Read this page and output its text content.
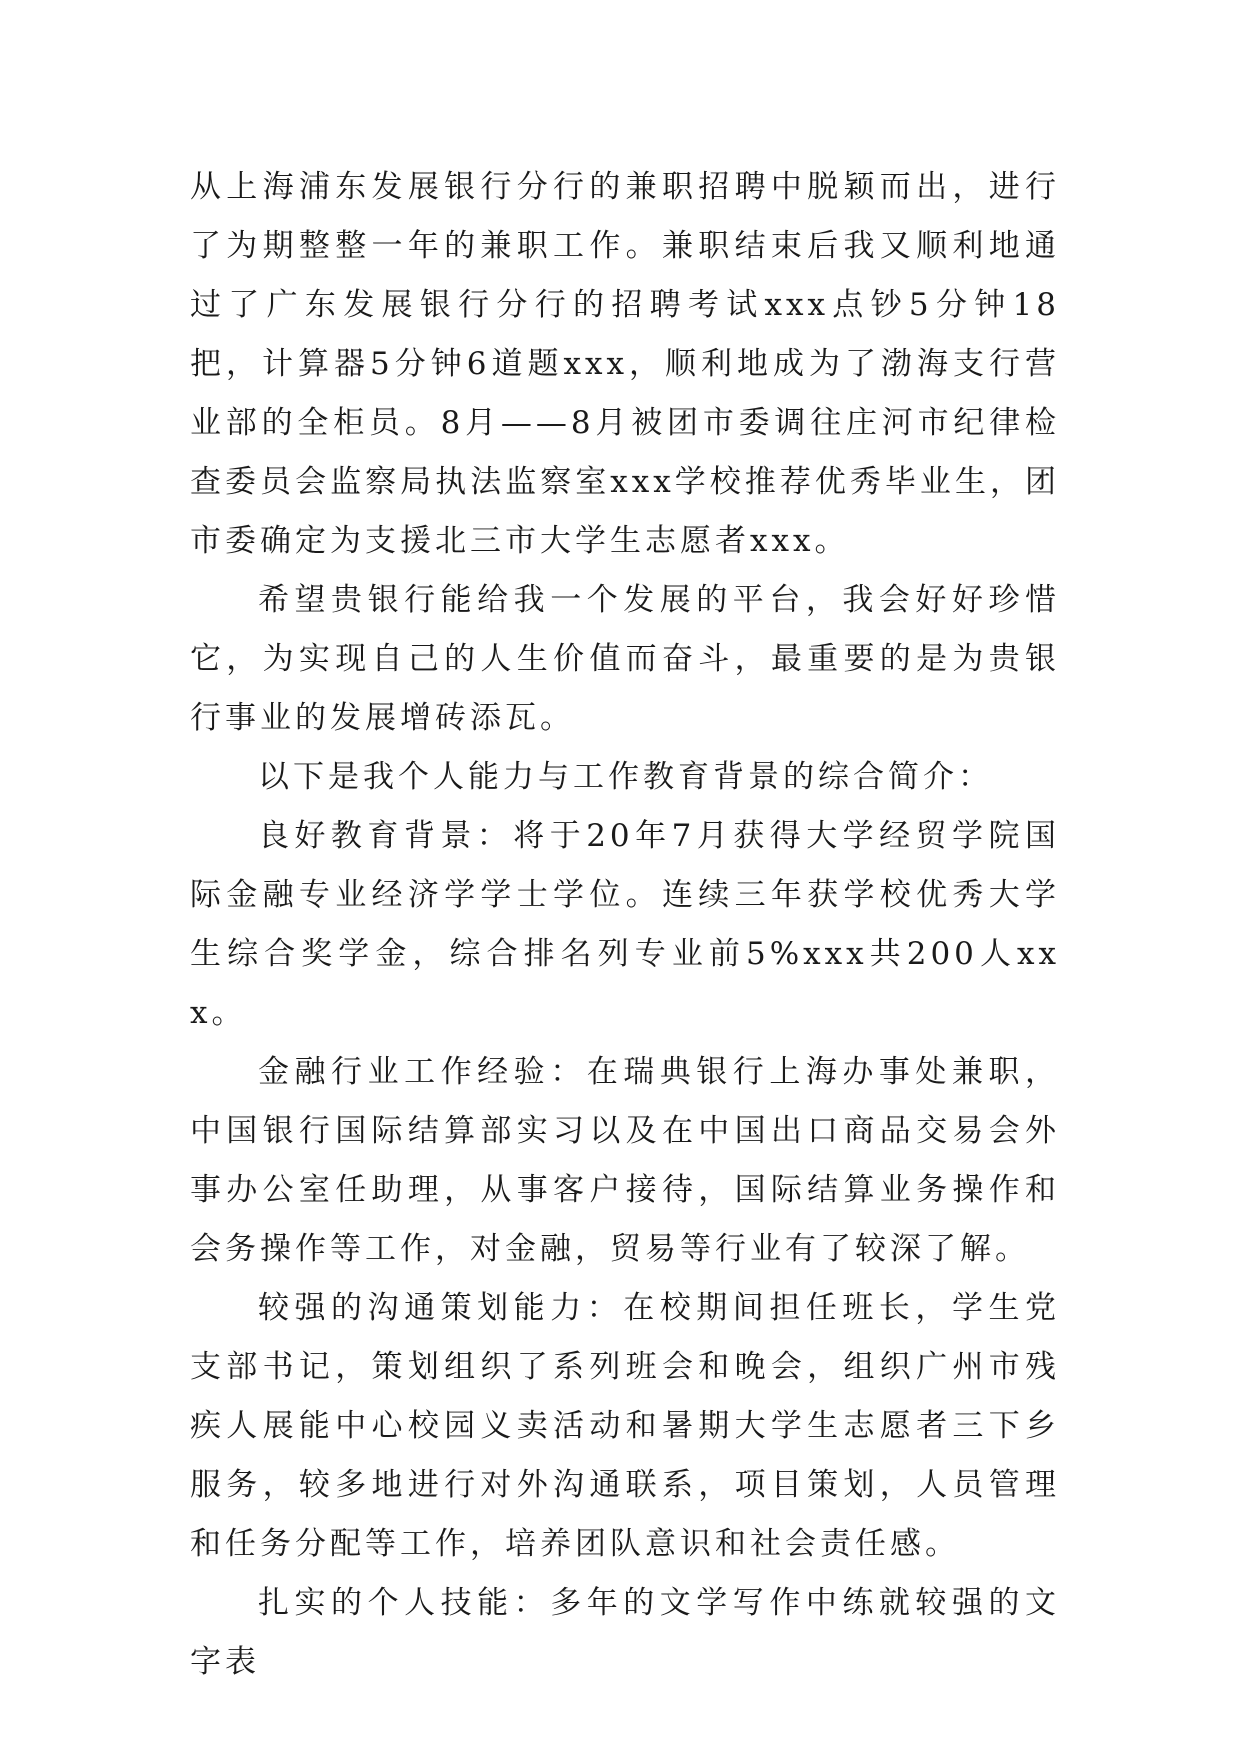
从上海浦东发展银行分行的兼职招聘中脱颖而出，进行了为期整整一年的兼职工作。兼职结束后我又顺利地通过了广东发展银行分行的招聘考试xxx点钞5分钟18把，计算器5分钟6道题xxx，顺利地成为了渤海支行营业部的全柜员。8月——8月被团市委调往庄河市纪律检查委员会监察局执法监察室xxx学校推荐优秀毕业生，团市委确定为支援北三市大学生志愿者xxx。

希望贵银行能给我一个发展的平台，我会好好珍惜它，为实现自己的人生价值而奋斗，最重要的是为贵银行事业的发展增砖添瓦。

以下是我个人能力与工作教育背景的综合简介：

良好教育背景：将于20年7月获得大学经贸学院国际金融专业经济学学士学位。连续三年获学校优秀大学生综合奖学金，综合排名列专业前5%xxx共200人xxx。

金融行业工作经验：在瑞典银行上海办事处兼职，中国银行国际结算部实习以及在中国出口商品交易会外事办公室任助理，从事客户接待，国际结算业务操作和会务操作等工作，对金融，贸易等行业有了较深了解。

较强的沟通策划能力：在校期间担任班长，学生党支部书记，策划组织了系列班会和晚会，组织广州市残疾人展能中心校园义卖活动和暑期大学生志愿者三下乡服务，较多地进行对外沟通联系，项目策划，人员管理和任务分配等工作，培养团队意识和社会责任感。

扎实的个人技能：多年的文学写作中练就较强的文字表
